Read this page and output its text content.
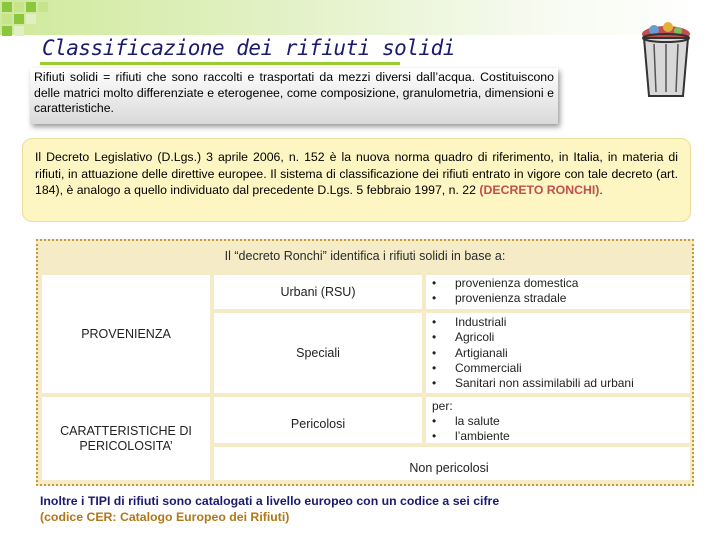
Classificazione dei rifiuti solidi
Rifiuti solidi = rifiuti che sono raccolti e trasportati da mezzi diversi dall’acqua. Costituiscono delle matrici molto differenziate e eterogenee, come composizione, granulometria, dimensioni e caratteristiche.
Il Decreto Legislativo (D.Lgs.) 3 aprile 2006, n. 152 è la nuova norma quadro di riferimento, in Italia, in materia di rifiuti, in attuazione delle direttive europee. Il sistema di classificazione dei rifiuti entrato in vigore con tale decreto (art. 184), è analogo a quello individuato dal precedente D.Lgs. 5 febbraio 1997, n. 22 (DECRETO RONCHI).
Il “decreto Ronchi” identifica i rifiuti solidi in base a:
PROVENIENZA
CARATTERISTICHE DI PERICOLOSITA’
Urbani (RSU)
Speciali
Pericolosi
• provenienza domestica
• provenienza stradale
• Industriali
• Agricoli
• Artigianali
• Commerciali
• Sanitari non assimilabili ad urbani
per:
• la salute
• l’ambiente
Non pericolosi
Inoltre i TIPI di rifiuti sono catalogati a livello europeo con un codice a sei cifre
(codice CER: Catalogo Europeo dei Rifiuti)
